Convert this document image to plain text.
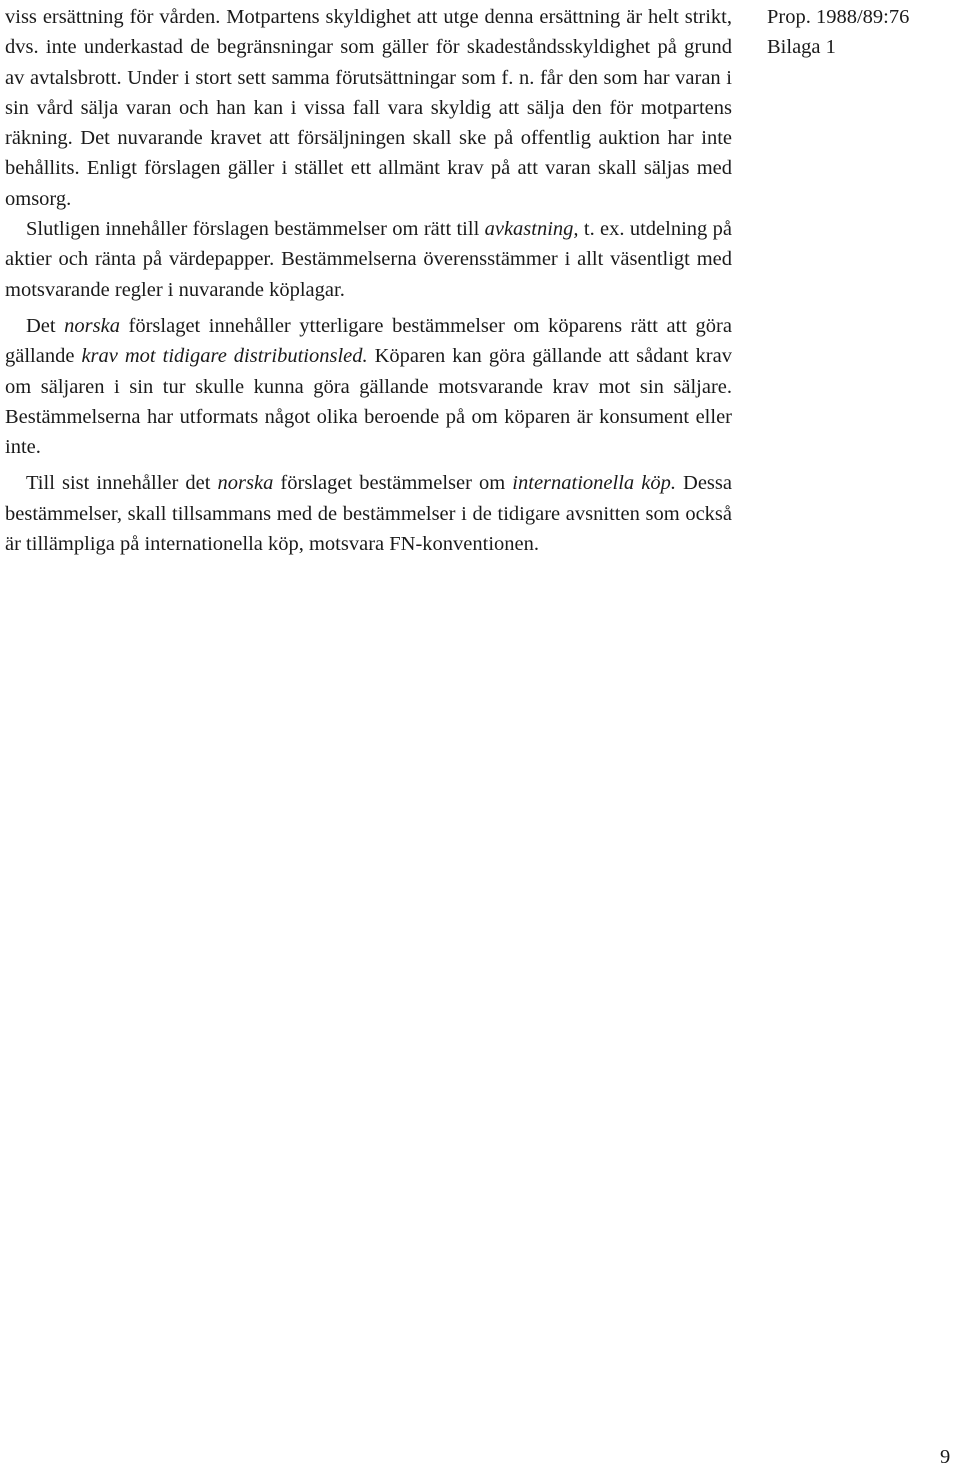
viss ersättning för vården. Motpartens skyldighet att utge denna ersättning är helt strikt, dvs. inte underkastad de begränsningar som gäller för skadeståndsskyldighet på grund av avtalsbrott. Under i stort sett samma förutsättningar som f. n. får den som har varan i sin vård sälja varan och han kan i vissa fall vara skyldig att sälja den för motpartens räkning. Det nuvarande kravet att försäljningen skall ske på offentlig auktion har inte behållits. Enligt förslagen gäller i stället ett allmänt krav på att varan skall säljas med omsorg.

Slutligen innehåller förslagen bestämmelser om rätt till avkastning, t. ex. utdelning på aktier och ränta på värdepapper. Bestämmelserna överensstämmer i allt väsentligt med motsvarande regler i nuvarande köplagar.

Det norska förslaget innehåller ytterligare bestämmelser om köparens rätt att göra gällande krav mot tidigare distributionsled. Köparen kan göra gällande att sådant krav om säljaren i sin tur skulle kunna göra gällande motsvarande krav mot sin säljare. Bestämmelserna har utformats något olika beroende på om köparen är konsument eller inte.

Till sist innehåller det norska förslaget bestämmelser om internationella köp. Dessa bestämmelser, skall tillsammans med de bestämmelser i de tidigare avsnitten som också är tillämpliga på internationella köp, motsvara FN-konventionen.

Prop. 1988/89:76
Bilaga 1
9
